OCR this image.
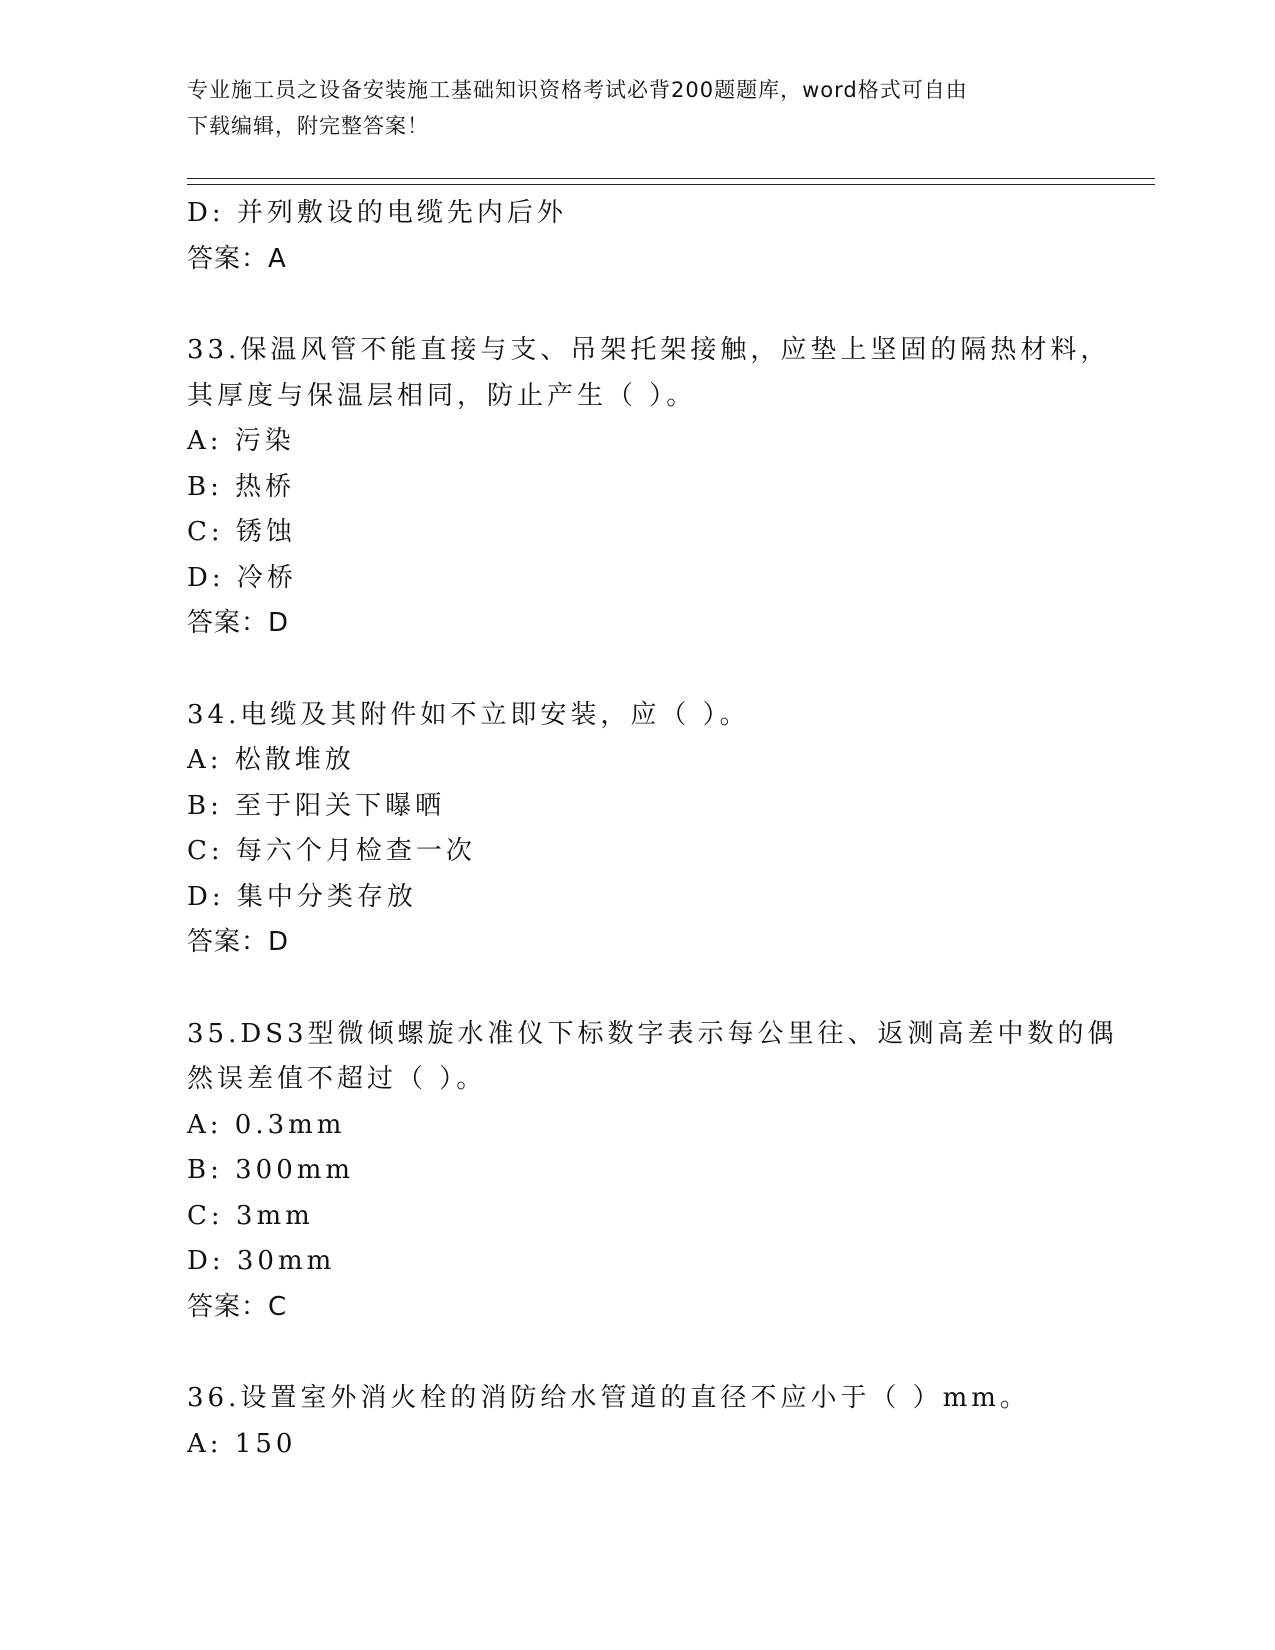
专业施工员之设备安装施工基础知识资格考试必背200题题库，word格式可自由
下载编辑，附完整答案！
D: 并列敷设的电缆先内后外
答案：A
33.保温风管不能直接与支、吊架托架接触，应垫上坚固的隔热材料，
其厚度与保温层相同，防止产生（ ）。
A: 污染
B: 热桥
C: 锈蚀
D: 冷桥
答案：D
34.电缆及其附件如不立即安装，应（ ）。
A: 松散堆放
B: 至于阳关下曝晒
C: 每六个月检查一次
D: 集中分类存放
答案：D
35.DS3型微倾螺旋水准仪下标数字表示每公里往、返测高差中数的偶
然误差值不超过（ ）。
A: 0.3mm
B: 300mm
C: 3mm
D: 30mm
答案：C
36.设置室外消火栓的消防给水管道的直径不应小于（ ）mm。
A: 150
